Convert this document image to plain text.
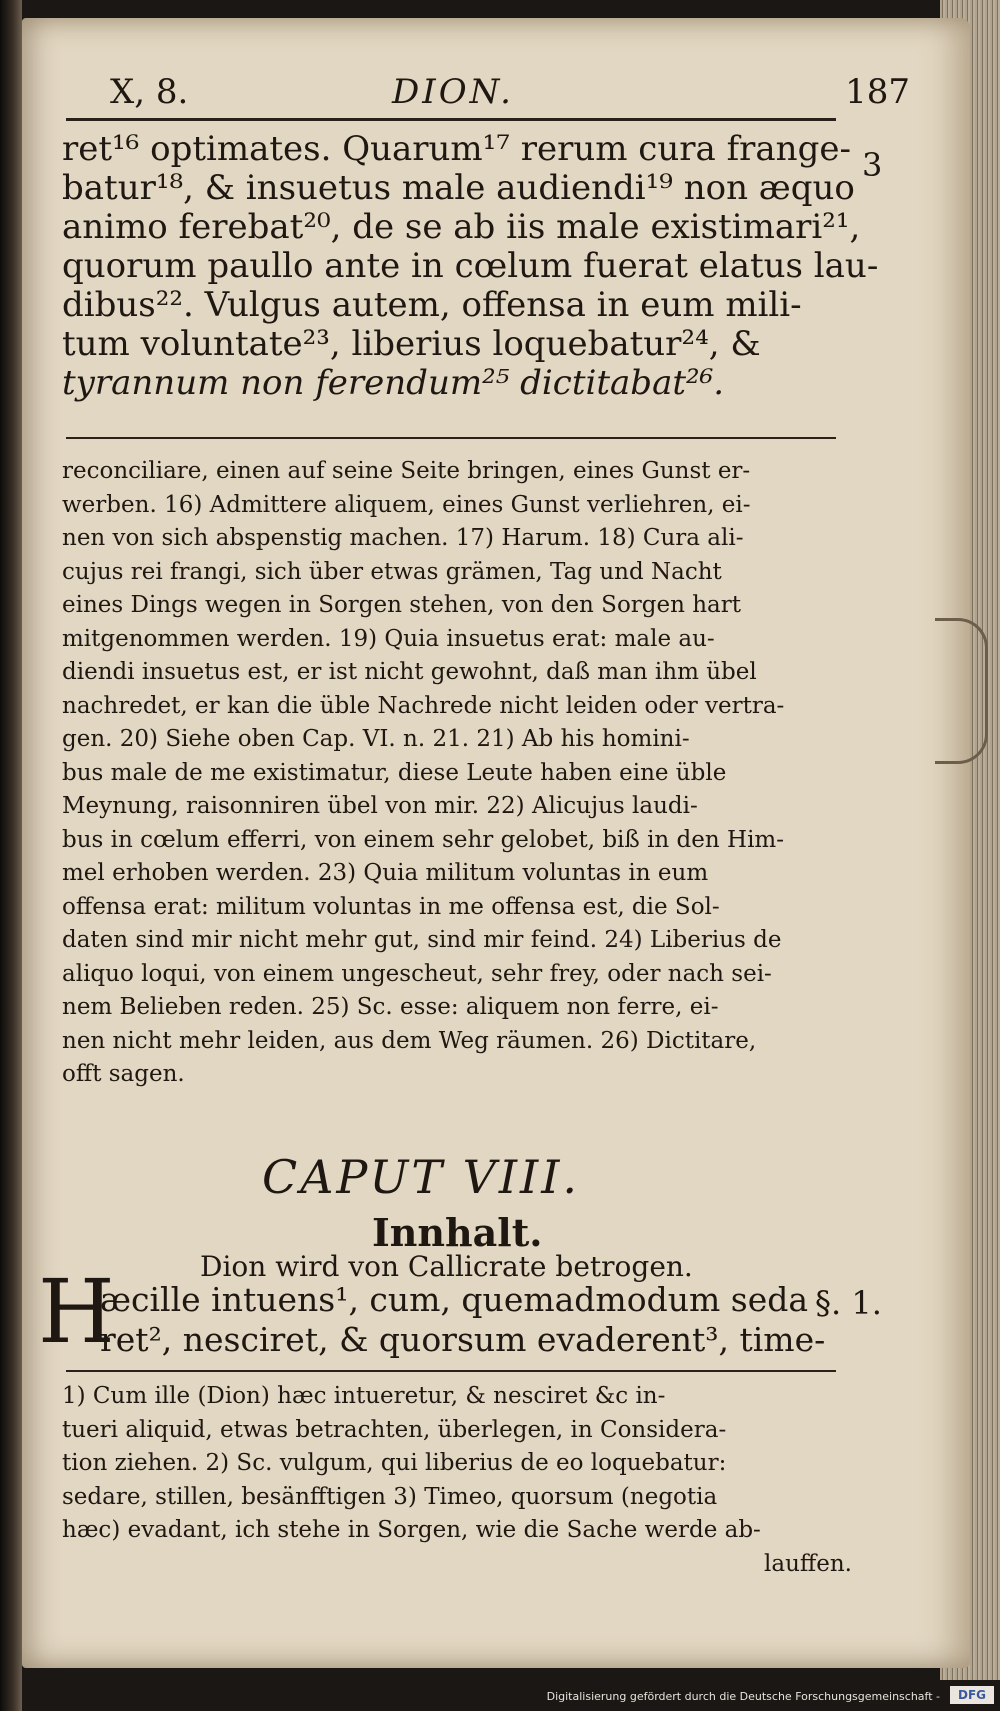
X, 8.	DION.	187
ret¹⁶ optimates. Quarum¹⁷ rerum cura frange-
batur¹⁸, & insuetus male audiendi¹⁹ non æquo
animo ferebat²⁰, de se ab iis male existimari²¹,
quorum paullo ante in cœlum fuerat elatus lau-
dibus²². Vulgus autem, offensa in eum mili-
tum voluntate²³, liberius loquebatur²⁴, &
tyrannum non ferendum²⁵ dictitabat²⁶.
3
reconciliare, einen auf seine Seite bringen, eines Gunst er-
werben. 16) Admittere aliquem, eines Gunst verliehren, ei-
nen von sich abspenstig machen. 17) Harum. 18) Cura ali-
cujus rei frangi, sich über etwas grämen, Tag und Nacht
eines Dings wegen in Sorgen stehen, von den Sorgen hart
mitgenommen werden. 19) Quia insuetus erat: male au-
diendi insuetus est, er ist nicht gewohnt, daß man ihm übel
nachredet, er kan die üble Nachrede nicht leiden oder vertra-
gen. 20) Siehe oben Cap. VI. n. 21. 21) Ab his homini-
bus male de me existimatur, diese Leute haben eine üble
Meynung, raisonniren übel von mir. 22) Alicujus laudi-
bus in cœlum efferri, von einem sehr gelobet, biß in den Him-
mel erhoben werden. 23) Quia militum voluntas in eum
offensa erat: militum voluntas in me offensa est, die Sol-
daten sind mir nicht mehr gut, sind mir feind. 24) Liberius de
aliquo loqui, von einem ungescheut, sehr frey, oder nach sei-
nem Belieben reden. 25) Sc. esse: aliquem non ferre, ei-
nen nicht mehr leiden, aus dem Weg räumen. 26) Dictitare,
offt sagen.
CAPUT VIII.
Innhalt.
Dion wird von Callicrate betrogen.
H
æcille intuens¹, cum, quemadmodum seda
ret², nesciret, & quorsum evaderent³, time-
§. 1.
1) Cum ille (Dion) hæc intueretur, & nesciret &c in-
tueri aliquid, etwas betrachten, überlegen, in Considera-
tion ziehen. 2) Sc. vulgum, qui liberius de eo loquebatur:
sedare, stillen, besänfftigen 3) Timeo, quorsum (negotia
hæc) evadant, ich stehe in Sorgen, wie die Sache werde ab-
lauffen.
Digitalisierung gefördert durch die Deutsche Forschungsgemeinschaft -	DFG
